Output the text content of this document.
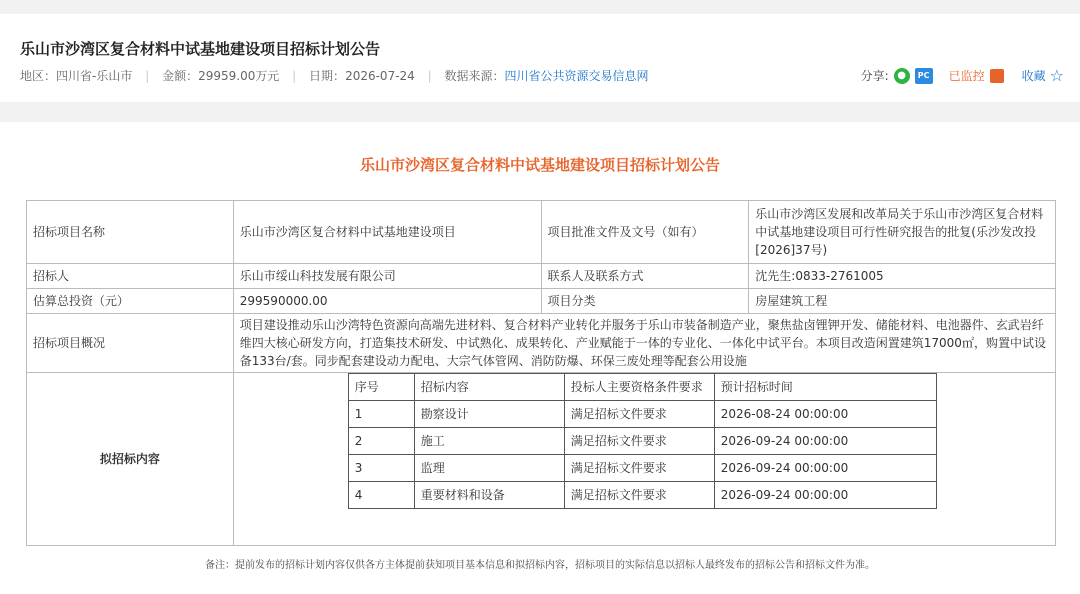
乐山市沙湾区复合材料中试基地建设项目招标计划公告
地区：四川省-乐山市 | 金额：29959.00万元 | 日期：2026-07-24 | 数据来源：四川省公共资源交易信息网	分享: ●	PC 已监控	收藏 ☆
乐山市沙湾区复合材料中试基地建设项目招标计划公告
招标项目名称	乐山市沙湾区复合材料中试基地建设项目	项目批准文件及文号（如有）	乐山市沙湾区发展和改革局关于乐山市沙湾区复合材料中试基地建设项目可行性研究报告的批复(乐沙发改投[2026]37号)
招标人	乐山市绥山科技发展有限公司	联系人及联系方式	沈先生:0833-2761005
估算总投资（元）	299590000.00	项目分类	房屋建筑工程
招标项目概况	项目建设推动乐山沙湾特色资源向高端先进材料、复合材料产业转化并服务于乐山市装备制造产业，聚焦盐卤锂钾开发、储能材料、电池器件、玄武岩纤维四大核心研发方向，打造集技术研发、中试熟化、成果转化、产业赋能于一体的专业化、一体化中试平台。本项目改造闲置建筑17000㎡，购置中试设备133台/套。同步配套建设动力配电、大宗气体管网、消防防爆、环保三废处理等配套公用设施
拟招标内容	
序号	招标内容	投标人主要资格条件要求	预计招标时间
1	勘察设计	满足招标文件要求	2026-08-24 00:00:00
2	施工	满足招标文件要求	2026-09-24 00:00:00
3	监理	满足招标文件要求	2026-09-24 00:00:00
4	重要材料和设备	满足招标文件要求	2026-09-24 00:00:00
备注：提前发布的招标计划内容仅供各方主体提前获知项目基本信息和拟招标内容，招标项目的实际信息以招标人最终发布的招标公告和招标文件为准。
